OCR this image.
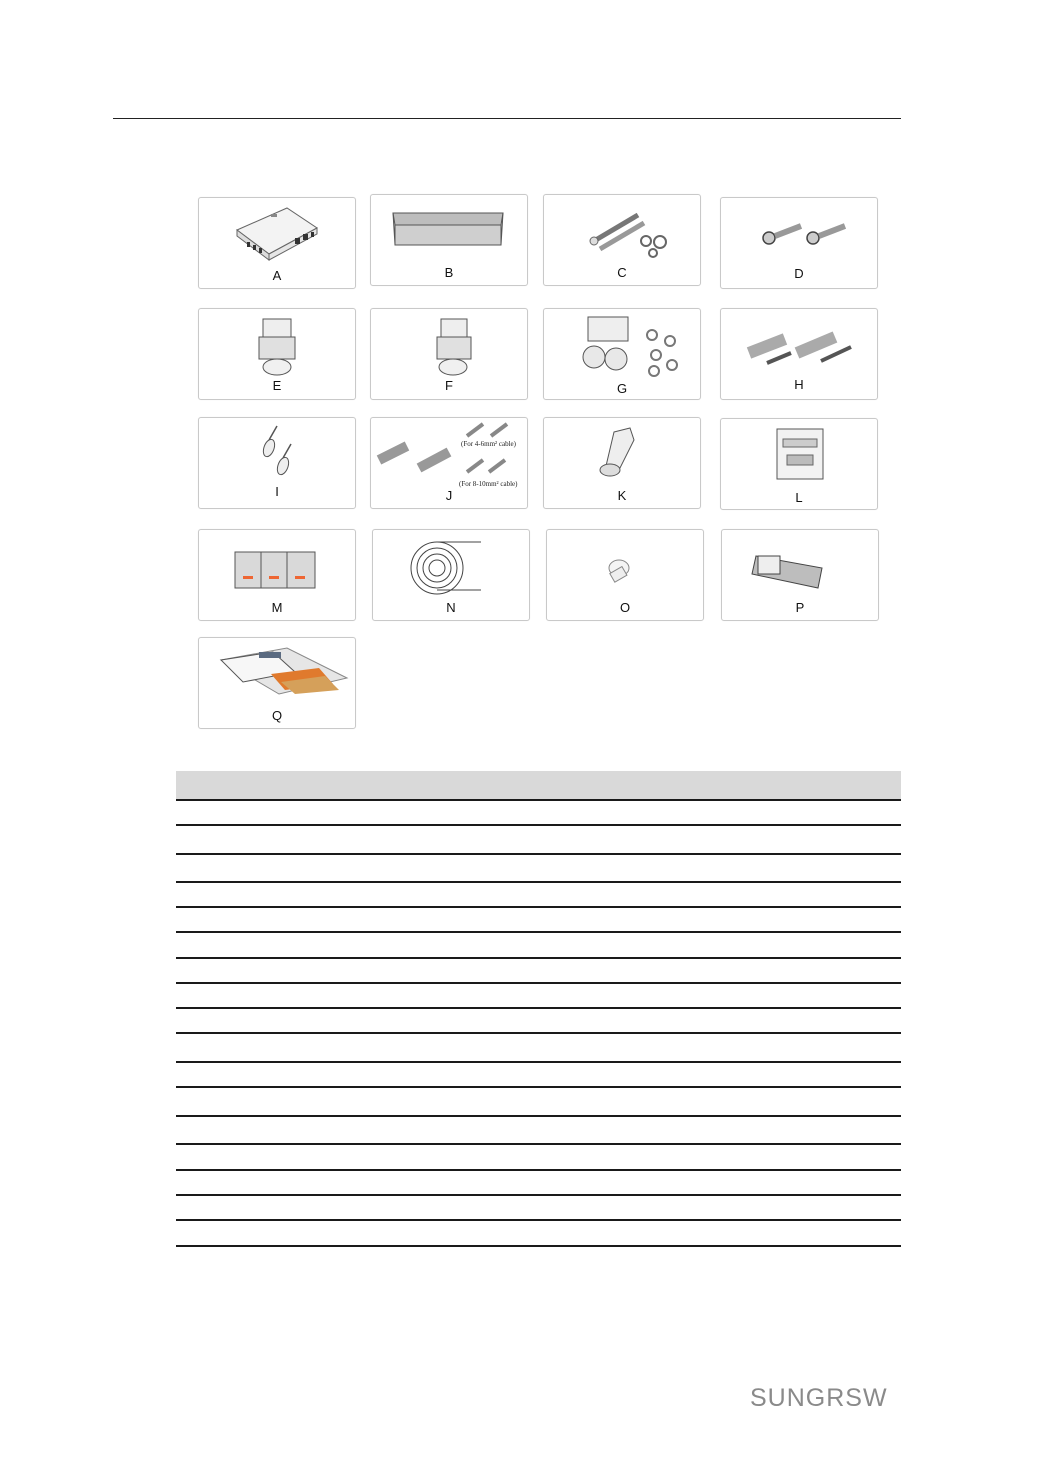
A	B	C	D
E	F	G	H
I
(For 4-6mm² cable)
(For 8-10mm² cable)
J	K	L
M	N	O	P
Q
SUNGRSW
